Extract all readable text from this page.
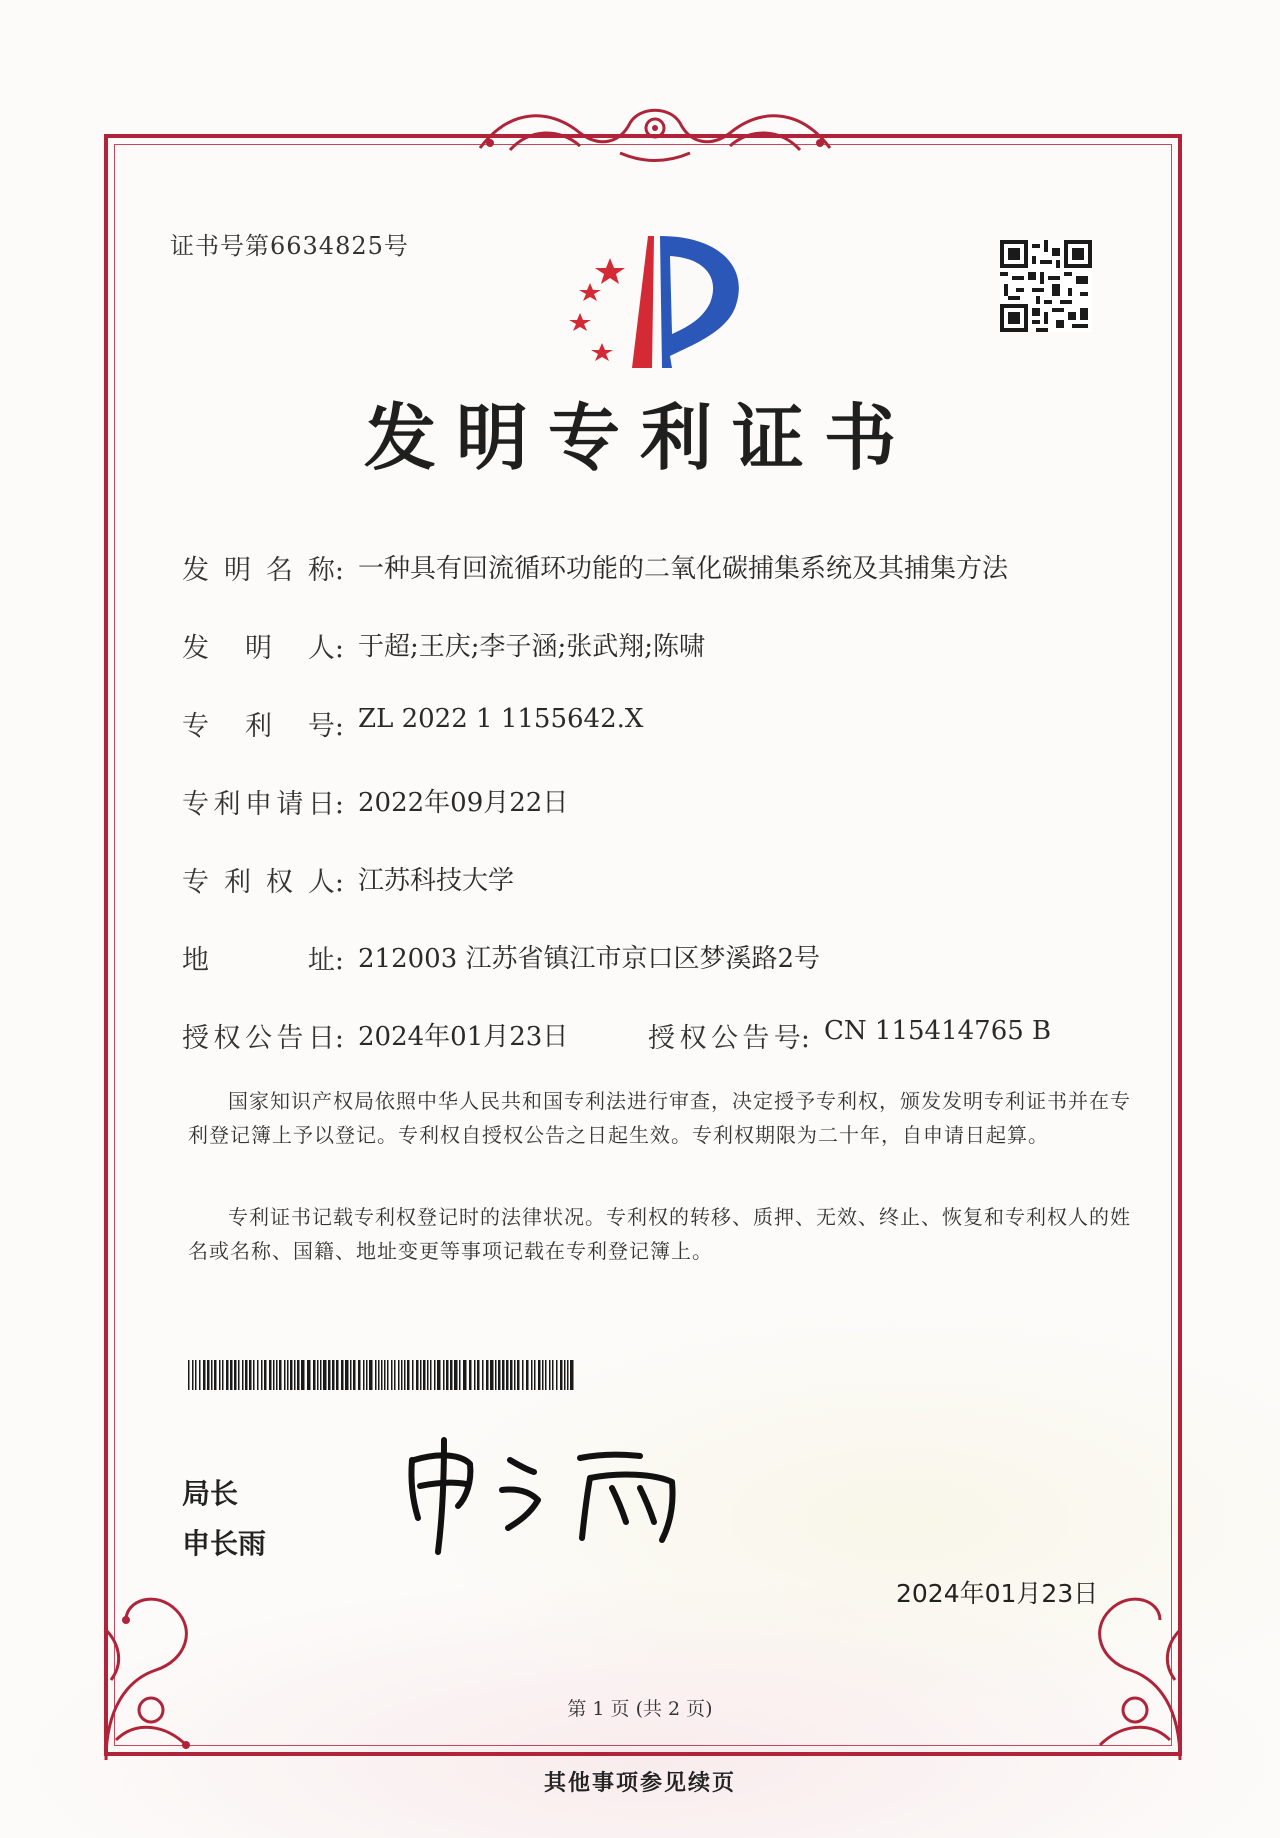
证书号第6634825号
发明专利证书
发 明 名 称: 一种具有回流循环功能的二氧化碳捕集系统及其捕集方法
发 明 人: 于超;王庆;李子涵;张武翔;陈啸
专 利 号: ZL 2022 1 1155642.X
专 利 申 请 日: 2022年09月22日
专 利 权 人: 江苏科技大学
地	址: 212003 江苏省镇江市京口区梦溪路2号
授 权 公 告 日: 2024年01月23日	授 权 公 告 号: CN 115414765 B
国家知识产权局依照中华人民共和国专利法进行审查，决定授予专利权，颁发发明专利证书并在专利登记簿上予以登记。专利权自授权公告之日起生效。专利权期限为二十年，自申请日起算。
专利证书记载专利权登记时的法律状况。专利权的转移、质押、无效、终止、恢复和专利权人的姓名或名称、国籍、地址变更等事项记载在专利登记簿上。
局长
申长雨
2024年01月23日
第 1 页 (共 2 页)
其他事项参见续页
